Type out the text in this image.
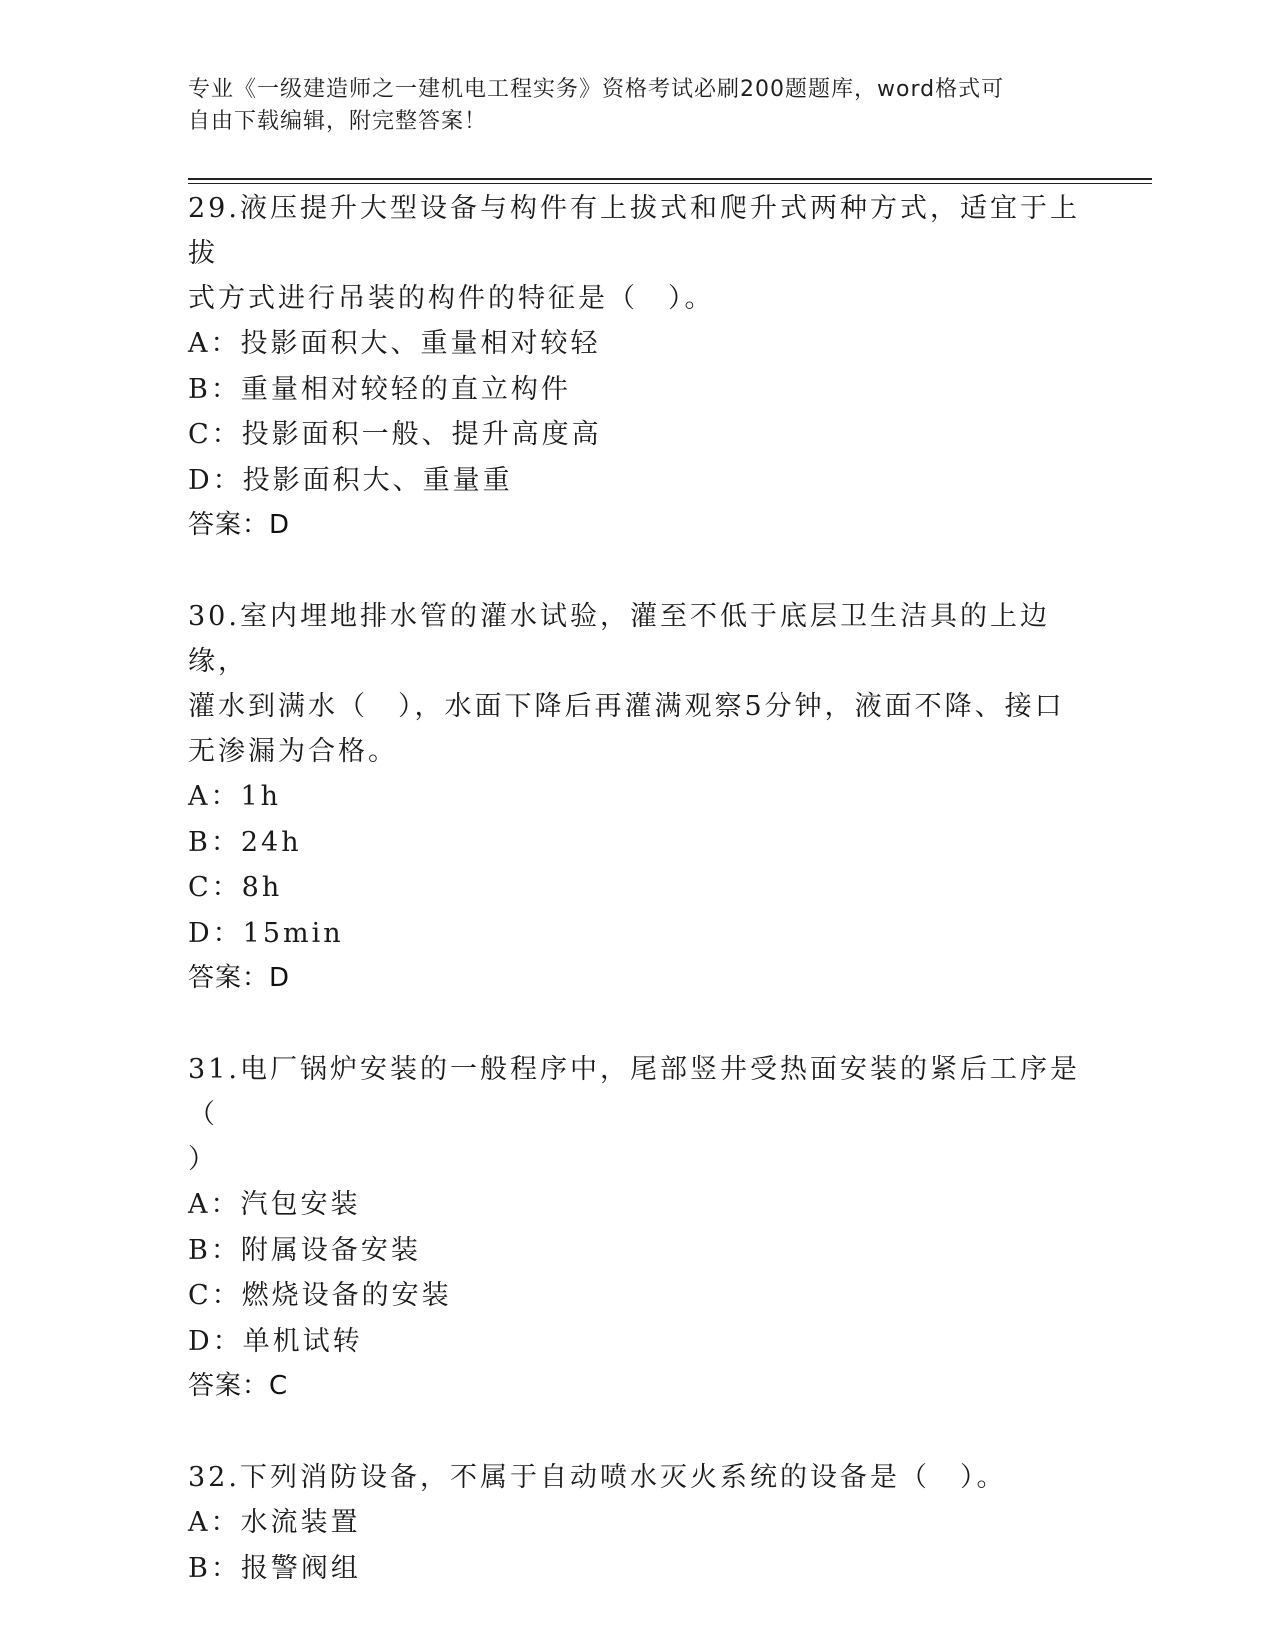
专业《一级建造师之一建机电工程实务》资格考试必刷200题题库，word格式可
自由下载编辑，附完整答案！
29.液压提升大型设备与构件有上拔式和爬升式两种方式，适宜于上拔
式方式进行吊装的构件的特征是（　）。
A：投影面积大、重量相对较轻
B：重量相对较轻的直立构件
C：投影面积一般、提升高度高
D：投影面积大、重量重
答案：D
30.室内埋地排水管的灌水试验，灌至不低于底层卫生洁具的上边缘，
灌水到满水（　），水面下降后再灌满观察5分钟，液面不降、接口
无渗漏为合格。
A：1h
B：24h
C：8h
D：15min
答案：D
31.电厂锅炉安装的一般程序中，尾部竖井受热面安装的紧后工序是（
）
A：汽包安装
B：附属设备安装
C：燃烧设备的安装
D：单机试转
答案：C
32.下列消防设备，不属于自动喷水灭火系统的设备是（　）。
A：水流装置
B：报警阀组
